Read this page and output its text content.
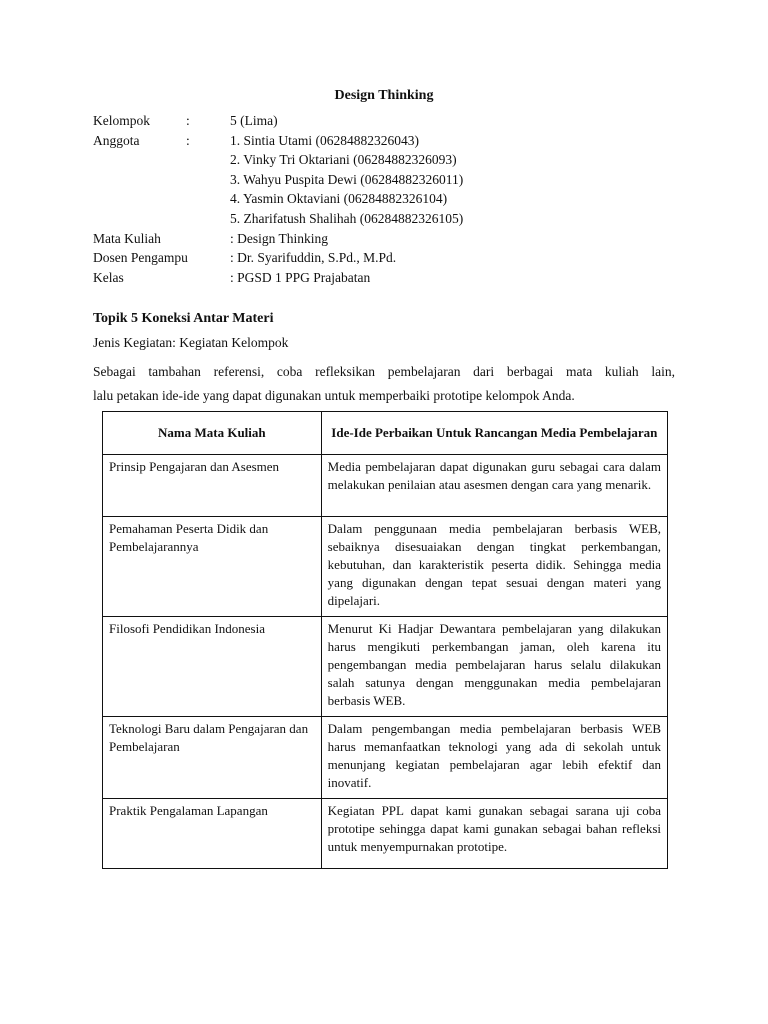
Design Thinking
Kelompok	:	5 (Lima)
Anggota	:	1. Sintia Utami (06284882326043)
2. Vinky Tri Oktariani (06284882326093)
3. Wahyu Puspita Dewi (06284882326011)
4. Yasmin Oktaviani (06284882326104)
5. Zharifatush Shalihah (06284882326105)
Mata Kuliah	: Design Thinking
Dosen Pengampu	: Dr. Syarifuddin, S.Pd., M.Pd.
Kelas	: PGSD 1 PPG Prajabatan
Topik 5 Koneksi Antar Materi
Jenis Kegiatan: Kegiatan Kelompok
Sebagai tambahan referensi, coba refleksikan pembelajaran dari berbagai mata kuliah lain,
lalu petakan ide-ide yang dapat digunakan untuk memperbaiki prototipe kelompok Anda.
Nama Mata Kuliah	Ide-Ide Perbaikan Untuk Rancangan Media Pembelajaran
Prinsip Pengajaran dan Asesmen	Media pembelajaran dapat digunakan guru sebagai cara dalam melakukan penilaian atau asesmen dengan cara yang menarik.
Pemahaman Peserta Didik dan Pembelajarannya	Dalam penggunaan media pembelajaran berbasis WEB, sebaiknya disesuaiakan dengan tingkat perkembangan, kebutuhan, dan karakteristik peserta didik. Sehingga media yang digunakan dengan tepat sesuai dengan materi yang dipelajari.
Filosofi Pendidikan Indonesia	Menurut Ki Hadjar Dewantara pembelajaran yang dilakukan harus mengikuti perkembangan jaman, oleh karena itu pengembangan media pembelajaran harus selalu dilakukan salah satunya dengan menggunakan media pembelajaran berbasis WEB.
Teknologi Baru dalam Pengajaran dan Pembelajaran	Dalam pengembangan media pembelajaran berbasis WEB harus memanfaatkan teknologi yang ada di sekolah untuk menunjang kegiatan pembelajaran agar lebih efektif dan inovatif.
Praktik Pengalaman Lapangan	Kegiatan PPL dapat kami gunakan sebagai sarana uji coba prototipe sehingga dapat kami gunakan sebagai bahan refleksi untuk menyempurnakan prototipe.
